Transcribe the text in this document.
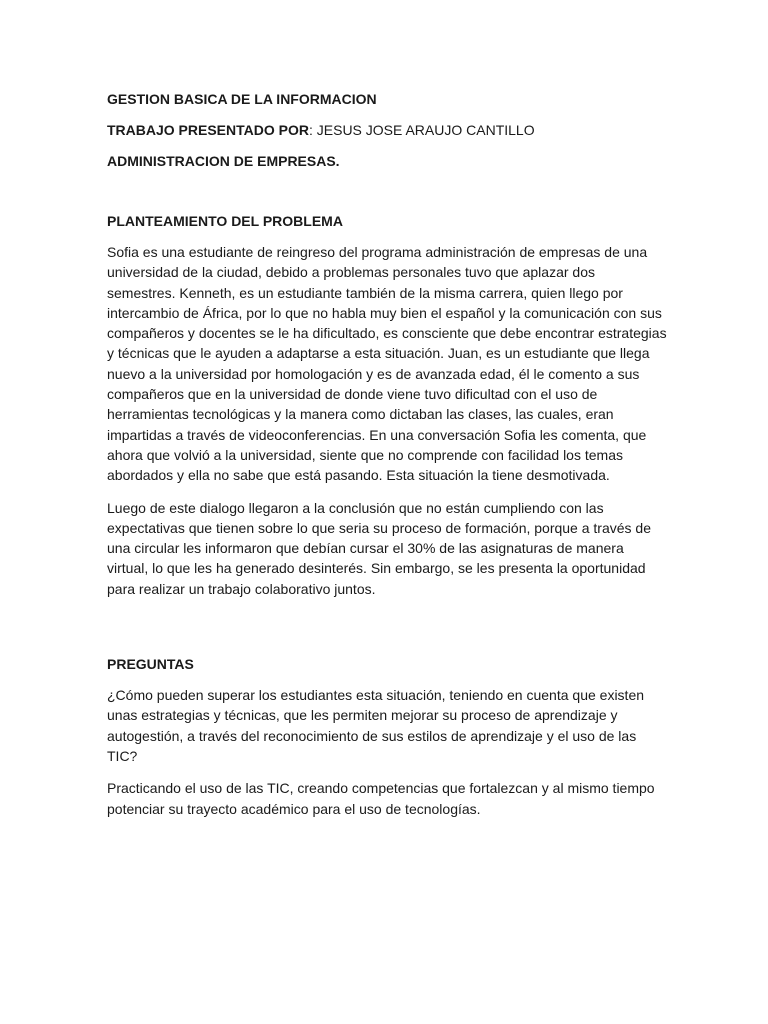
GESTION BASICA DE LA INFORMACION

TRABAJO PRESENTADO POR: JESUS JOSE ARAUJO CANTILLO

ADMINISTRACION DE EMPRESAS.

PLANTEAMIENTO DEL PROBLEMA

Sofia es una estudiante de reingreso del programa administración de empresas de una universidad de la ciudad, debido a problemas personales tuvo que aplazar dos semestres. Kenneth, es un estudiante también de la misma carrera, quien llego por intercambio de África, por lo que no habla muy bien el español y la comunicación con sus compañeros y docentes se le ha dificultado, es consciente que debe encontrar estrategias y técnicas que le ayuden a adaptarse a esta situación. Juan, es un estudiante que llega nuevo a la universidad por homologación y es de avanzada edad, él le comento a sus compañeros que en la universidad de donde viene tuvo dificultad con el uso de herramientas tecnológicas y la manera como dictaban las clases, las cuales, eran impartidas a través de videoconferencias. En una conversación Sofia les comenta, que ahora que volvió a la universidad, siente que no comprende con facilidad los temas abordados y ella no sabe que está pasando. Esta situación la tiene desmotivada.

Luego de este dialogo llegaron a la conclusión que no están cumpliendo con las expectativas que tienen sobre lo que seria su proceso de formación, porque a través de una circular les informaron que debían cursar el 30% de las asignaturas de manera virtual, lo que les ha generado desinterés. Sin embargo, se les presenta la oportunidad para realizar un trabajo colaborativo juntos.

PREGUNTAS

¿Cómo pueden superar los estudiantes esta situación, teniendo en cuenta que existen unas estrategias y técnicas, que les permiten mejorar su proceso de aprendizaje y autogestión, a través del reconocimiento de sus estilos de aprendizaje y el uso de las TIC?

Practicando el uso de las TIC, creando competencias que fortalezcan y al mismo tiempo potenciar su trayecto académico para el uso de tecnologías.
